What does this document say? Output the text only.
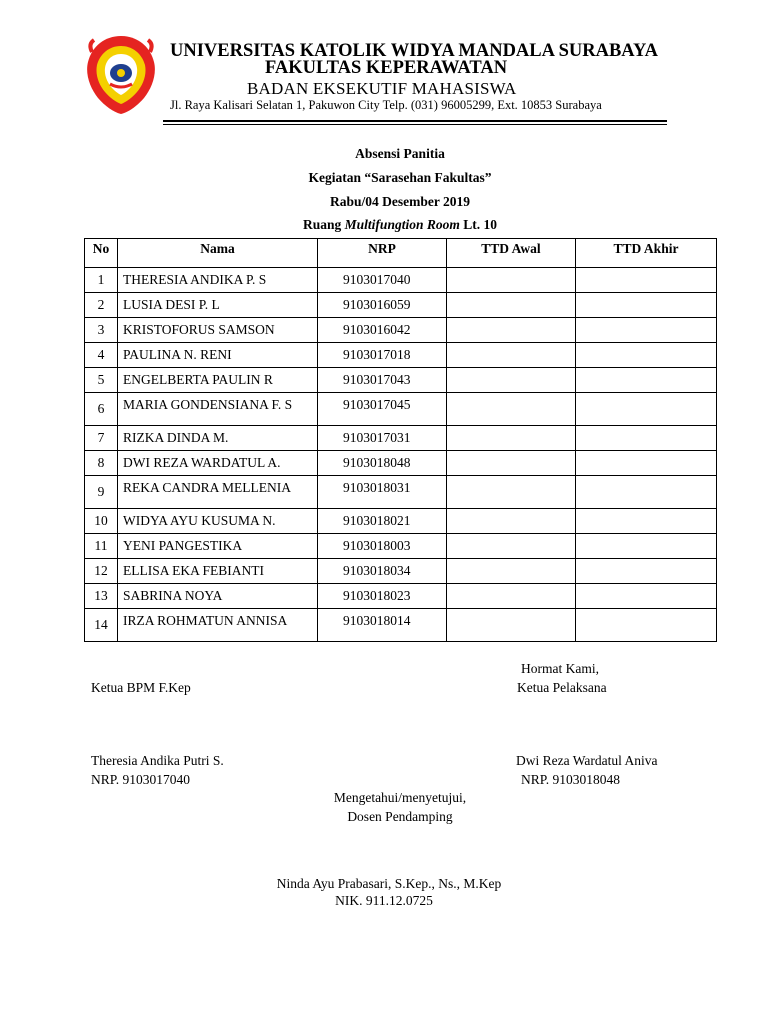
UNIVERSITAS KATOLIK WIDYA MANDALA SURABAYA
FAKULTAS KEPERAWATAN
BADAN EKSEKUTIF MAHASISWA
Jl. Raya Kalisari Selatan 1, Pakuwon City Telp. (031) 96005299, Ext. 10853 Surabaya
Absensi Panitia
Kegiatan “Sarasehan Fakultas”
Rabu/04 Desember 2019
Ruang Multifungtion Room Lt. 10
No	Nama	NRP	TTD Awal	TTD Akhir
1	THERESIA ANDIKA P. S	9103017040		
2	LUSIA DESI P. L	9103016059		
3	KRISTOFORUS SAMSON	9103016042		
4	PAULINA N. RENI	9103017018		
5	ENGELBERTA PAULIN R	9103017043		
6	MARIA GONDENSIANA F. S	9103017045		
7	RIZKA DINDA M.	9103017031		
8	DWI REZA WARDATUL A.	9103018048		
9	REKA CANDRA MELLENIA	9103018031		
10	WIDYA AYU KUSUMA N.	9103018021		
11	YENI PANGESTIKA	9103018003		
12	ELLISA EKA FEBIANTI	9103018034		
13	SABRINA NOYA	9103018023		
14	IRZA ROHMATUN ANNISA	9103018014		
Hormat Kami,
Ketua BPM F.Kep	Ketua Pelaksana
Theresia Andika Putri S.
NRP. 9103017040
Dwi Reza Wardatul Aniva
NRP. 9103018048
Mengetahui/menyetujui,
Dosen Pendamping
Ninda Ayu Prabasari, S.Kep., Ns., M.Kep
NIK. 911.12.0725
